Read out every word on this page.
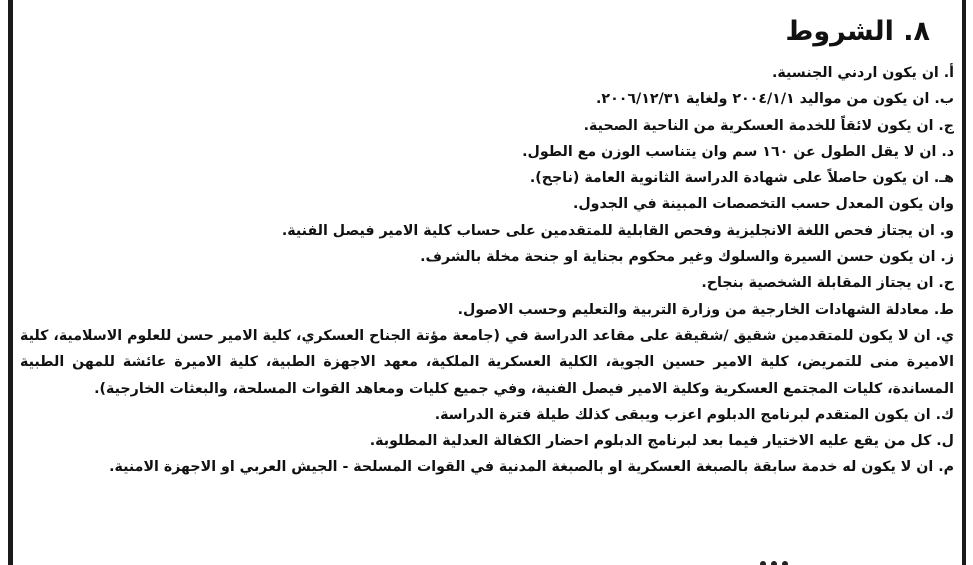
٨. الشروط
أ. ان يكون اردني الجنسية.
ب. ان يكون من مواليد ٢٠٠٤/١/١ ولغاية ٢٠٠٦/١٢/٣١.
ج. ان يكون لائقاً للخدمة العسكرية من الناحية الصحية.
د. ان لا يقل الطول عن ١٦٠ سم وان يتناسب الوزن مع الطول.
هـ. ان يكون حاصلاً على شهادة الدراسة الثانوية العامة (ناجح).
وان يكون المعدل حسب التخصصات المبينة في الجدول.
و. ان يجتاز فحص اللغة الانجليزية وفحص القابلية للمتقدمين على حساب كلية الامير فيصل الفنية.
ز. ان يكون حسن السيرة والسلوك وغير محكوم بجناية او جنحة مخلة بالشرف.
ح. ان يجتاز المقابلة الشخصية بنجاح.
ط. معادلة الشهادات الخارجية من وزارة التربية والتعليم وحسب الاصول.
ي. ان لا يكون للمتقدمين شقيق /شقيقة على مقاعد الدراسة في (جامعة مؤتة الجناح العسكري، كلية الامير حسن للعلوم الاسلامية، كلية الاميرة منى للتمريض، كلية الامير حسين الجوية، الكلية العسكرية الملكية، معهد الاجهزة الطبية، كلية الاميرة عائشة للمهن الطبية المساندة، كليات المجتمع العسكرية وكلية الامير فيصل الفنية، وفي جميع كليات ومعاهد القوات المسلحة، والبعثات الخارجية).
ك. ان يكون المتقدم لبرنامج الدبلوم اعزب ويبقى كذلك طيلة فترة الدراسة.
ل. كل من يقع عليه الاختيار فيما بعد لبرنامج الدبلوم احضار الكفالة العدلية المطلوبة.
م. ان لا يكون له خدمة سابقة بالصبغة العسكرية او بالصبغة المدنية في القوات المسلحة - الجيش العربي او الاجهزة الامنية.
